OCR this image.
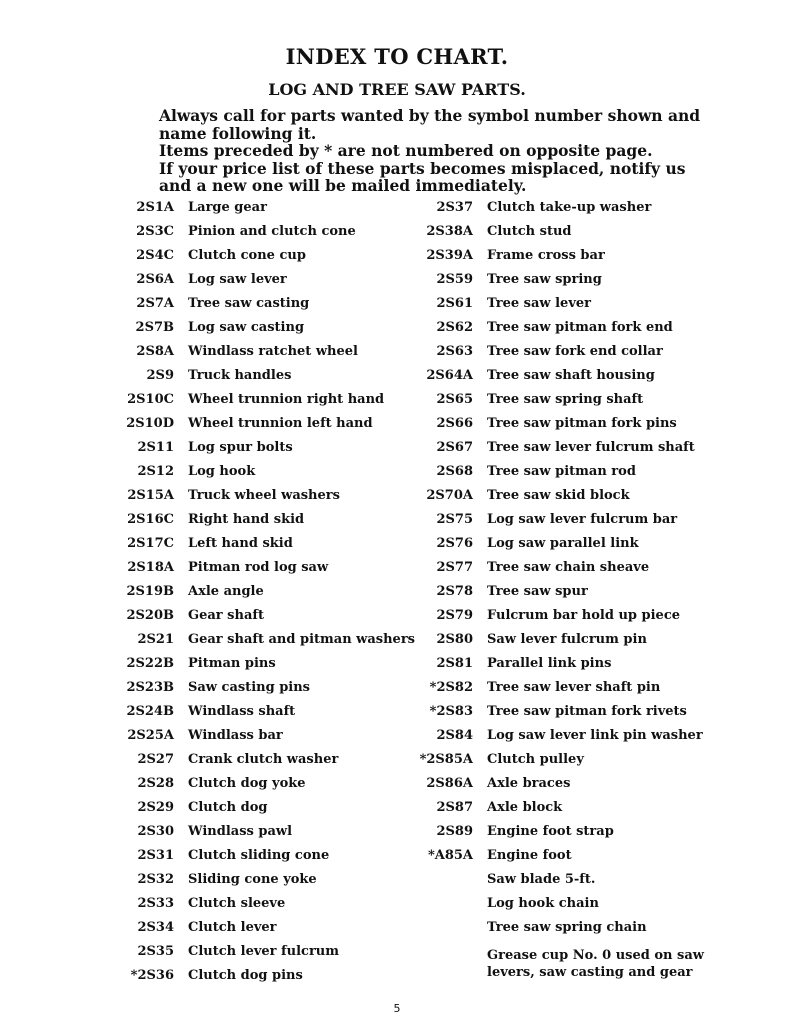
INDEX TO CHART.
LOG AND TREE SAW PARTS.

Always call for parts wanted by the symbol number shown and name following it.

Items preceded by * are not numbered on opposite page.

If your price list of these parts becomes misplaced, notify us and a new one will be mailed immediately.

2S1A	Large gear
2S3C	Pinion and clutch cone
2S4C	Clutch cone cup
2S6A	Log saw lever
2S7A	Tree saw casting
2S7B	Log saw casting
2S8A	Windlass ratchet wheel
2S9	Truck handles
2S10C	Wheel trunnion right hand
2S10D	Wheel trunnion left hand
2S11	Log spur bolts
2S12	Log hook
2S15A	Truck wheel washers
2S16C	Right hand skid
2S17C	Left hand skid
2S18A	Pitman rod log saw
2S19B	Axle angle
2S20B	Gear shaft
2S21	Gear shaft and pitman washers
2S22B	Pitman pins
2S23B	Saw casting pins
2S24B	Windlass shaft
2S25A	Windlass bar
2S27	Crank clutch washer
2S28	Clutch dog yoke
2S29	Clutch dog
2S30	Windlass pawl
2S31	Clutch sliding cone
2S32	Sliding cone yoke
2S33	Clutch sleeve
2S34	Clutch lever
2S35	Clutch lever fulcrum
*2S36	Clutch dog pins
2S37	Clutch take-up washer
2S38A	Clutch stud
2S39A	Frame cross bar
2S59	Tree saw spring
2S61	Tree saw lever
2S62	Tree saw pitman fork end
2S63	Tree saw fork end collar
2S64A	Tree saw shaft housing
2S65	Tree saw spring shaft
2S66	Tree saw pitman fork pins
2S67	Tree saw lever fulcrum shaft
2S68	Tree saw pitman rod
2S70A	Tree saw skid block
2S75	Log saw lever fulcrum bar
2S76	Log saw parallel link
2S77	Tree saw chain sheave
2S78	Tree saw spur
2S79	Fulcrum bar hold up piece
2S80	Saw lever fulcrum pin
2S81	Parallel link pins
*2S82	Tree saw lever shaft pin
*2S83	Tree saw pitman fork rivets
2S84	Log saw lever link pin washer
*2S85A	Clutch pulley
2S86A	Axle braces
2S87	Axle block
2S89	Engine foot strap
*A85A	Engine foot
Saw blade 5-ft.
Log hook chain
Tree saw spring chain
Grease cup No. 0 used on saw levers, saw casting and gear
5
